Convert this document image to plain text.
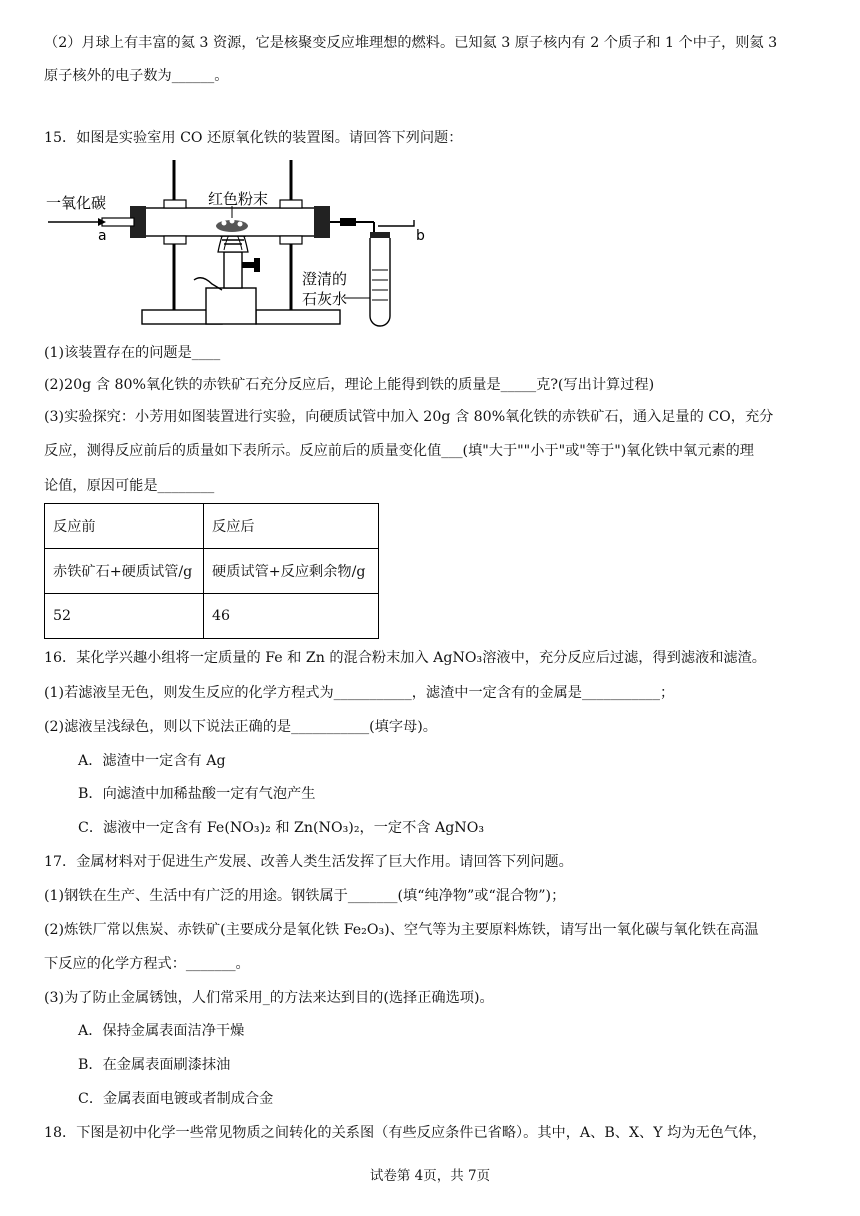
（2）月球上有丰富的氦 3 资源，它是核聚变反应堆理想的燃料。已知氦 3 原子核内有 2 个质子和 1 个中子，则氦 3
原子核外的电子数为______。
15．如图是实验室用 CO 还原氧化铁的装置图。请回答下列问题：
一氧化碳
a	b
红色粉末
澄清的
石灰水
(1)该装置存在的问题是____
(2)20g 含 80%氧化铁的赤铁矿石充分反应后，理论上能得到铁的质量是_____克?(写出计算过程)
(3)实验探究：小芳用如图装置进行实验，向硬质试管中加入 20g 含 80%氧化铁的赤铁矿石，通入足量的 CO，充分
反应，测得反应前后的质量如下表所示。反应前后的质量变化值___(填"大于""小于"或"等于")氧化铁中氧元素的理
论值，原因可能是________
反应前	反应后
赤铁矿石+硬质试管/g	硬质试管+反应剩余物/g
52	46
16．某化学兴趣小组将一定质量的 Fe 和 Zn 的混合粉末加入 AgNO₃溶液中，充分反应后过滤，得到滤液和滤渣。
(1)若滤液呈无色，则发生反应的化学方程式为___________，滤渣中一定含有的金属是___________；
(2)滤液呈浅绿色，则以下说法正确的是___________(填字母)。
A．滤渣中一定含有 Ag
B．向滤渣中加稀盐酸一定有气泡产生
C．滤液中一定含有 Fe(NO₃)₂ 和 Zn(NO₃)₂，一定不含 AgNO₃
17．金属材料对于促进生产发展、改善人类生活发挥了巨大作用。请回答下列问题。
(1)钢铁在生产、生活中有广泛的用途。钢铁属于_______(填“纯净物”或“混合物”)；
(2)炼铁厂常以焦炭、赤铁矿(主要成分是氧化铁 Fe₂O₃)、空气等为主要原料炼铁，请写出一氧化碳与氧化铁在高温
下反应的化学方程式：_______。
(3)为了防止金属锈蚀，人们常采用_的方法来达到目的(选择正确选项)。
A．保持金属表面洁净干燥
B．在金属表面刷漆抹油
C．金属表面电镀或者制成合金
18．下图是初中化学一些常见物质之间转化的关系图（有些反应条件已省略）。其中，A、B、X、Y 均为无色气体，
试卷第 4页，共 7页
